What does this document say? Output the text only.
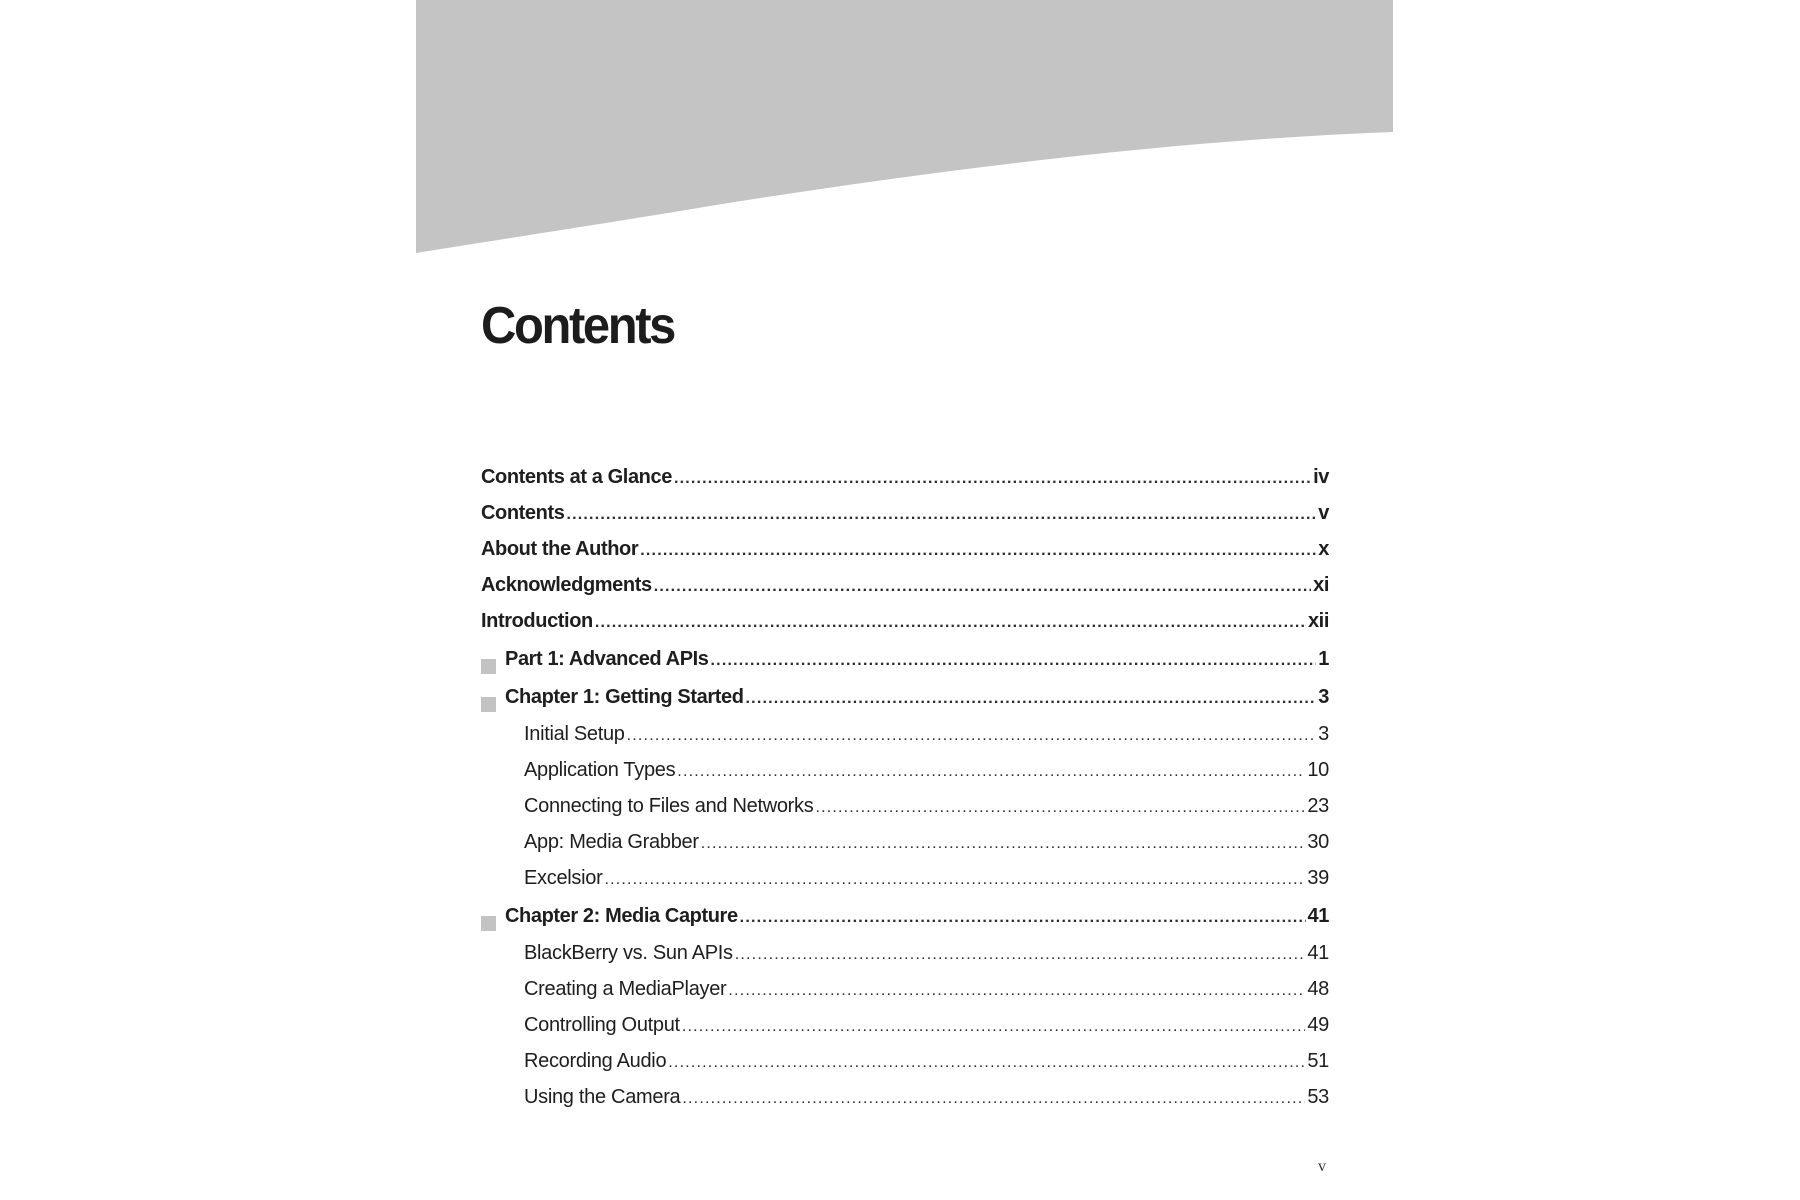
Contents
Contents at a Glance .....	iv
Contents .....	v
About the Author .....	x
Acknowledgments .....	xi
Introduction .....	xii
Part 1: Advanced APIs .....	1
Chapter 1: Getting Started .....	3
Initial Setup .....	3
Application Types .....	10
Connecting to Files and Networks .....	23
App: Media Grabber .....	30
Excelsior .....	39
Chapter 2: Media Capture .....	41
BlackBerry vs. Sun APIs .....	41
Creating a MediaPlayer .....	48
Controlling Output .....	49
Recording Audio .....	51
Using the Camera .....	53
v
